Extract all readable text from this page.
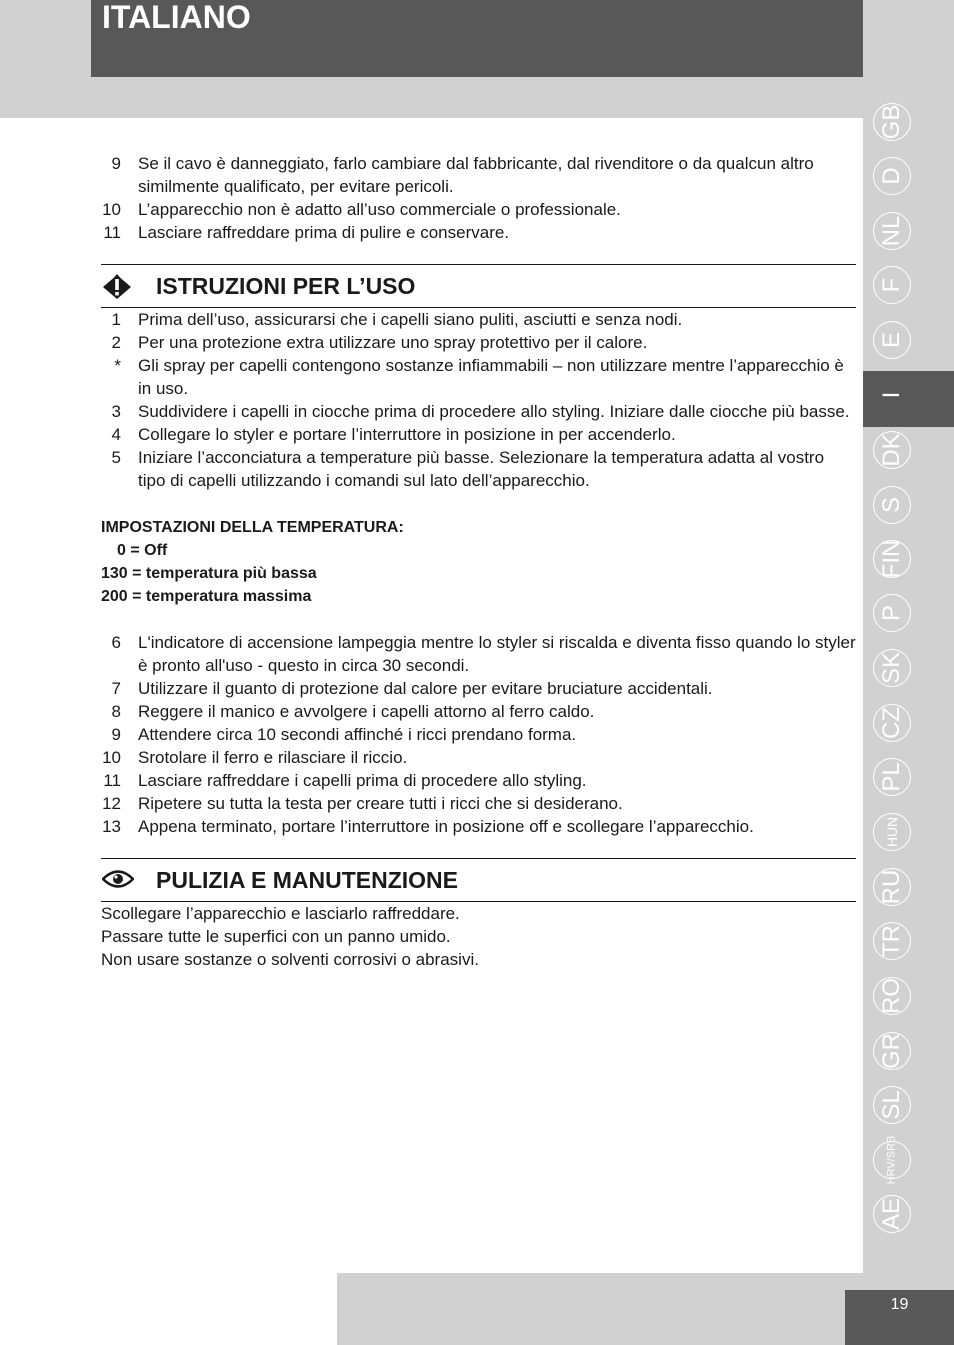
ITALIANO
9 Se il cavo è danneggiato, farlo cambiare dal fabbricante, dal rivenditore o da qualcun altro similmente qualificato, per evitare pericoli.
10 L’apparecchio non è adatto all’uso commerciale o professionale.
11 Lasciare raffreddare prima di pulire e conservare.
ISTRUZIONI PER L’USO
1 Prima dell’uso, assicurarsi che i capelli siano puliti, asciutti e senza nodi.
2 Per una protezione extra utilizzare uno spray protettivo per il calore.
* Gli spray per capelli contengono sostanze infiammabili – non utilizzare mentre l’apparecchio è in uso.
3 Suddividere i capelli in ciocche prima di procedere allo styling. Iniziare dalle ciocche più basse.
4 Collegare lo styler e portare l’interruttore in posizione in per accenderlo.
5 Iniziare l’acconciatura a temperature più basse. Selezionare la temperatura adatta al vostro tipo di capelli utilizzando i comandi sul lato dell’apparecchio.
IMPOSTAZIONI DELLA TEMPERATURA:
0 = Off
130 = temperatura più bassa
200 = temperatura massima
6 L'indicatore di accensione lampeggia mentre lo styler si riscalda e diventa fisso quando lo styler è pronto all'uso - questo in circa 30 secondi.
7 Utilizzare il guanto di protezione dal calore per evitare bruciature accidentali.
8 Reggere il manico e avvolgere i capelli attorno al ferro caldo.
9 Attendere circa 10 secondi affinché i ricci prendano forma.
10 Srotolare il ferro e rilasciare il riccio.
11 Lasciare raffreddare i capelli prima di procedere allo styling.
12 Ripetere su tutta la testa per creare tutti i ricci che si desiderano.
13 Appena terminato, portare l’interruttore in posizione off e scollegare l’apparecchio.
PULIZIA E MANUTENZIONE
Scollegare l’apparecchio e lasciarlo raffreddare.
Passare tutte le superfici con un panno umido.
Non usare sostanze o solventi corrosivi o abrasivi.
GB
D
NL
F
E
I
DK
S
FIN
P
SK
CZ
PL
HUN
RU
TR
RO
GR
SL
HRV/SRB
AE
19
